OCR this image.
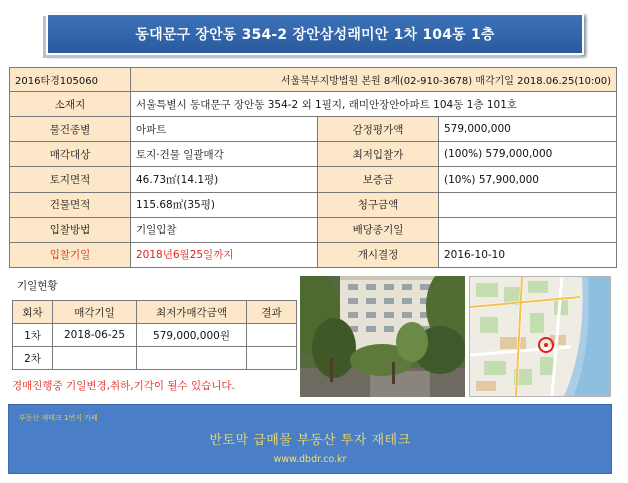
동대문구 장안동 354-2 장안삼성래미안 1차 104동 1층
2016타경105060	서울북부지방법원 본원 8계(02-910-3678) 매각기일 2018.06.25(10:00)		
소재지	서울특별시 동대문구 장안동 354-2 외 1필지, 래미안장안아파트 104동 1층 101호		
물건종별	아파트	감정평가액	579,000,000
매각대상	토지·건물 일괄매각	최저입찰가	(100%) 579,000,000
토지면적	46.73㎡(14.1평)	보증금	(10%) 57,900,000
건물면적	115.68㎡(35평)	청구금액	
입찰방법	기일입찰	배당종기일	
입찰기일	2018년6월25일까지	개시결정	2016-10-10
기일현황
회차	매각기일	최저가매각금액	결과
1차	2018-06-25	579,000,000원	
2차			
경매진행중 기일변경,취하,기각이 될수 있습니다.
부동산 재테크 1번지 카페
반토막 급매물 부동산 투자 재테크
www.dbdr.co.kr
